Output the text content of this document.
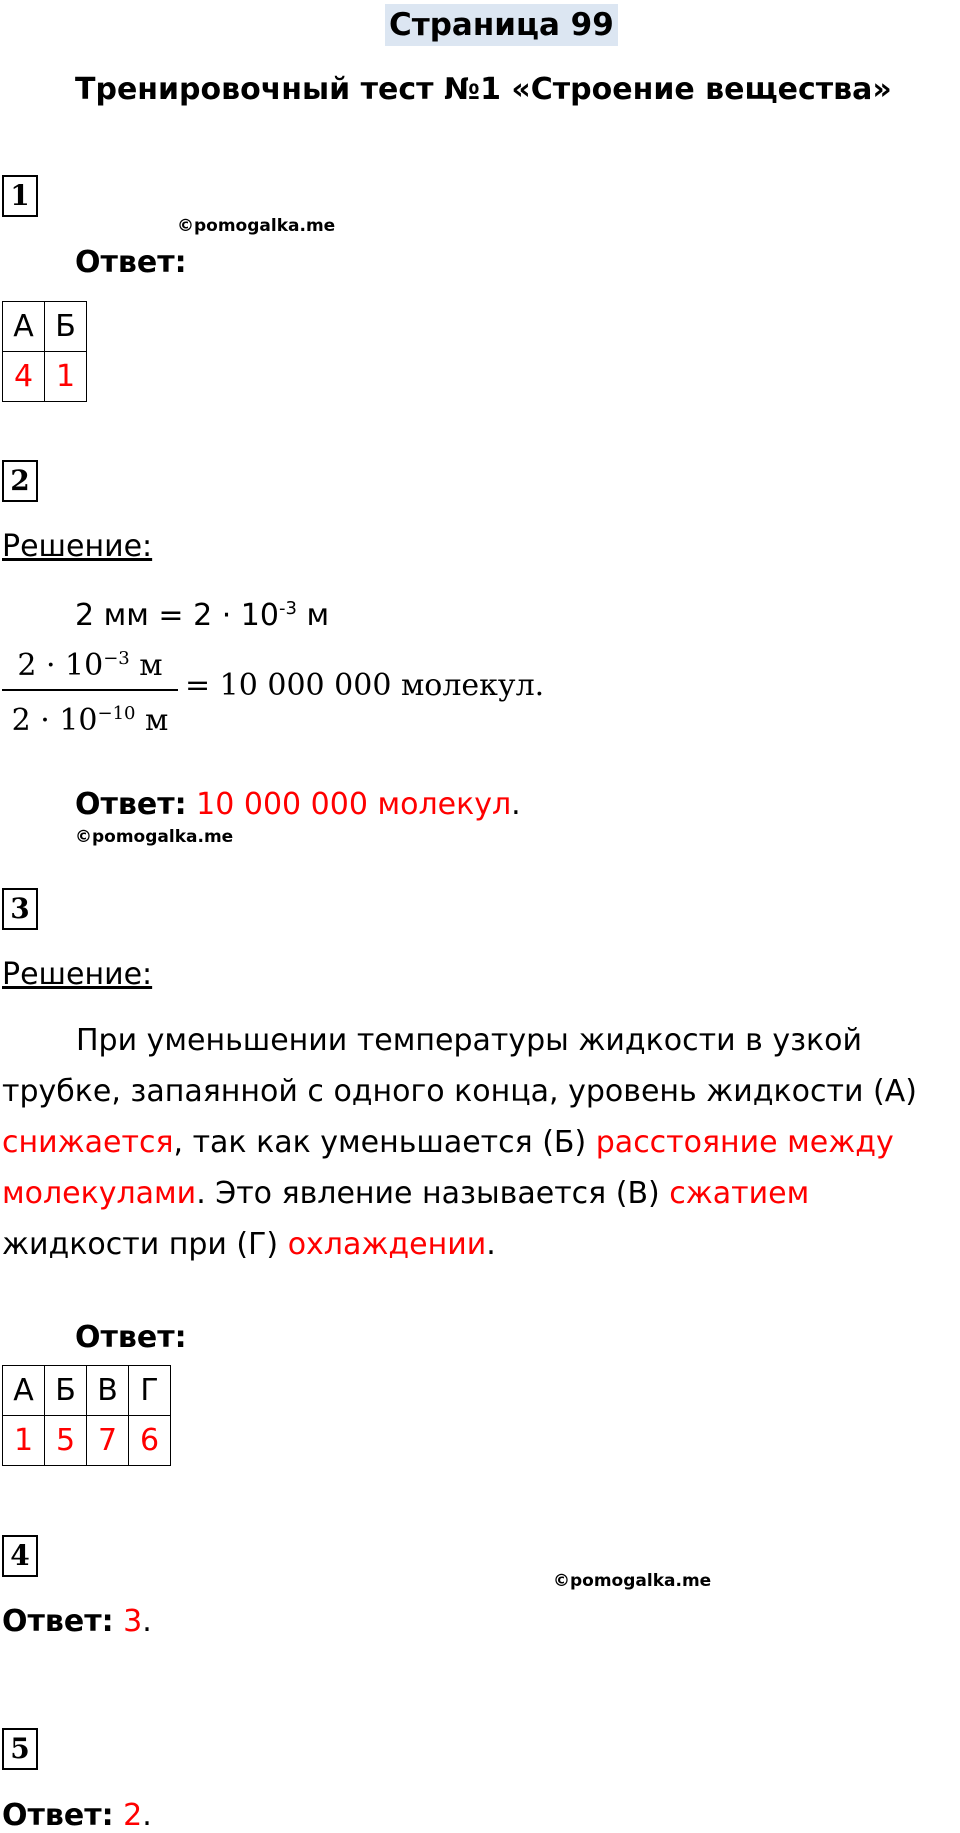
Страница 99
Тренировочный тест №1 «Строение вещества»
1
©pomogalka.me
Ответ:
А	Б
4	1
2
Решение:
2 мм = $2 \cdot 10^{-3}$ м
$2 \cdot 10^{-3}$ м
$2 \cdot 10^{-10}$ м
= 10 000 000 молекул.
Ответ: 10 000 000 молекул.
©pomogalka.me
3
Решение:
При уменьшении температуры жидкости в узкой трубке, запаянной с одного конца, уровень жидкости (А) снижается, так как уменьшается (Б) расстояние между молекулами. Это явление называется (В) сжатием жидкости при (Г) охлаждении.
Ответ:
А	Б	В	Г
1	5	7	6
4
©pomogalka.me
Ответ: 3.
5
Ответ: 2.
